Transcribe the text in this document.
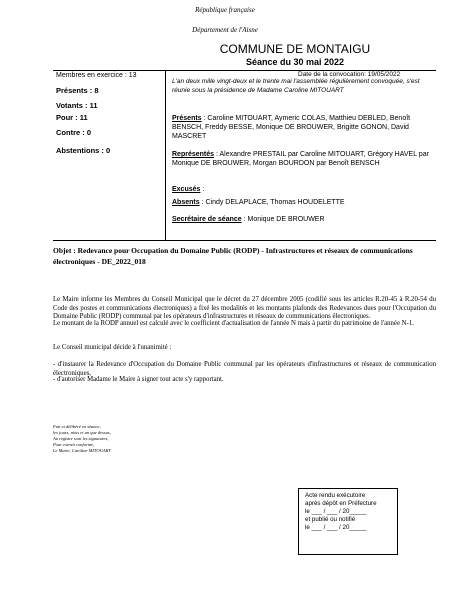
République française
Département de l'Aisne
COMMUNE DE MONTAIGU
Séance du 30 mai 2022
Membres en exercice : 13
Présents : 8
Votants : 11
Pour : 11
Contre : 0
Abstentions : 0
Date de la convocation: 19/05/2022
L'an deux mille vingt-deux et le trente mai l'assemblée régulièrement convoquée, s'est réunie sous la présidence de Madame Caroline MITOUART
Présents : Caroline MITOUART, Aymeric COLAS, Matthieu DEBLED, Benoît BENSCH, Freddy BESSE, Monique DE BROUWER, Brigitte GONON, David MASCRET
Représentés : Alexandre PRESTAIL par Caroline MITOUART, Grégory HAVEL par Monique DE BROUWER, Morgan BOURDON par Benoît BENSCH
Excusés :
Absents : Cindy DELAPLACE, Thomas HOUDELETTE
Secrétaire de séance : Monique DE BROUWER
Objet : Redevance pour Occupation du Domaine Public (RODP) - Infrastructures et réseaux de communications électroniques - DE_2022_018
Le Maire informe les Membres du Conseil Municipal que le décret du 27 décembre 2005 (codifié sous les articles R.20-45 à R.20-54 du Code des postes et communications électroniques) a fixé les modalités et les montants plafonds des Redevances dues pour l'Occupation du Domaine Public (RODP) communal par les opérateurs d'infrastructures et réseaux de communications électroniques.
Le montant de la RODP annuel est calculé avec le coefficient d'actualisation de l'année N mais à partir du patrimoine de l'année N-1.
Le Conseil municipal décide à l'unanimité :
- d'instaurer la Redevance d'Occupation du Domaine Public communal par les opérateurs d'infrastructures et réseaux de communication électroniques,
- d'autoriser Madame le Maire à signer tout acte s'y rapportant.
Fait et délibéré en séance,
les jours, mois et an que dessus,
Au registre sont les signatures,
Pour extrait conforme,
Le Maire, Caroline MITOUART
Acte rendu exécutoire
après dépôt en Préfecture
le ___ / ___ / 20_____
et publié ou notifié
le ___ / ___ / 20_____
